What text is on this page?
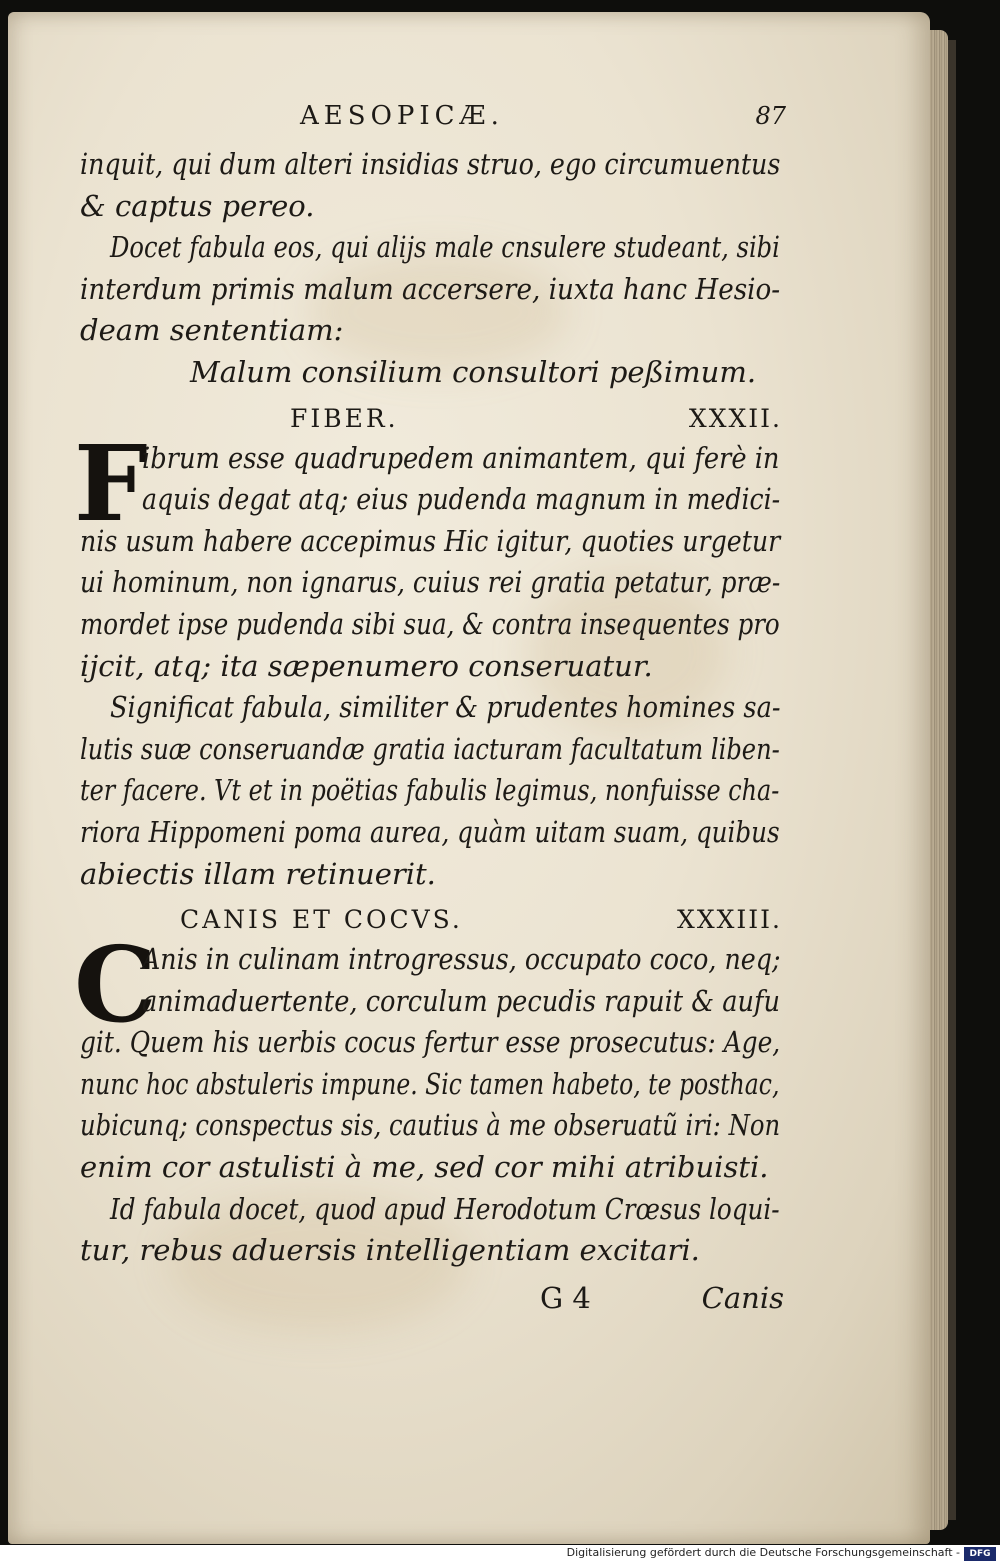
AESOPICÆ.	87
inquit, qui dum alteri insidias struo, ego circumuentus
& captus pereo.
Docet fabula eos, qui alijs male cnsulere studeant, sibi
interdum primis malum accersere, iuxta hanc Hesio-
deam sententiam:
Malum consilium consultori peßimum.
FIBER.	XXXII.
F
ibrum esse quadrupedem animantem, qui ferè in
aquis degat atq; eius pudenda magnum in medici-
nis usum habere accepimus Hic igitur, quoties urgetur
ui hominum, non ignarus, cuius rei gratia petatur, præ-
mordet ipse pudenda sibi sua, & contra insequentes pro
ijcit, atq; ita sæpenumero conseruatur.
Significat fabula, similiter & prudentes homines sa-
lutis suæ conseruandæ gratia iacturam facultatum liben-
ter facere. Vt et in poëtias fabulis legimus, nonfuisse cha-
riora Hippomeni poma aurea, quàm uitam suam, quibus
abiectis illam retinuerit.
CANIS ET COCVS.	XXXIII.
C
Anis in culinam introgressus, occupato coco, neq;
animaduertente, corculum pecudis rapuit & aufu
git. Quem his uerbis cocus fertur esse prosecutus: Age,
nunc hoc abstuleris impune. Sic tamen habeto, te posthac,
ubicunq; conspectus sis, cautius à me obseruatũ iri: Non
enim cor astulisti à me, sed cor mihi atribuisti.
Id fabula docet, quod apud Herodotum Crœsus loqui-
tur, rebus aduersis intelligentiam excitari.
G 4	Canis
Digitalisierung gefördert durch die Deutsche Forschungsgemeinschaft -	DFG
